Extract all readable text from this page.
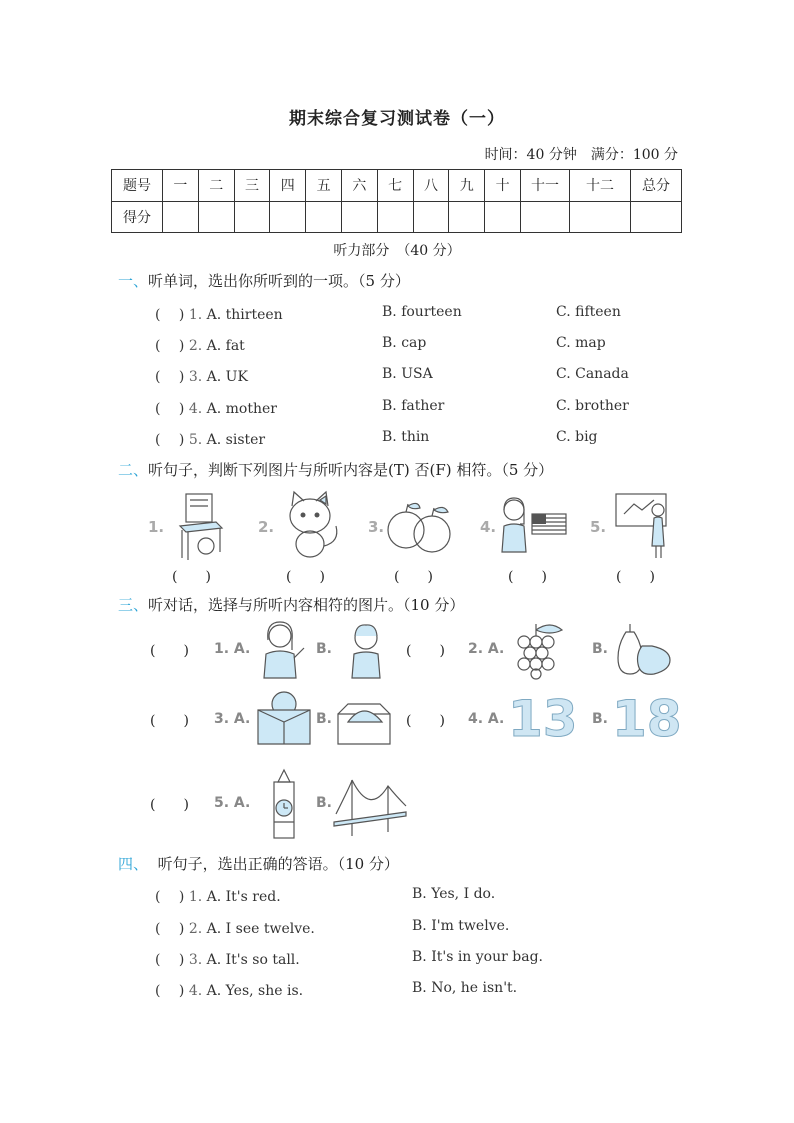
期末综合复习测试卷（一）
时间：40 分钟　满分：100 分
题号	一	二	三	四	五	六	七	八	九	十	十一	十二	总分
得分													
听力部分　（40 分）
一、听单词，选出你所听到的一项。（5 分）
(　 ) 1. A. thirteen	B. fourteen	C. fifteen
(　 ) 2. A. fat	B. cap	C. map
(　 ) 3. A. UK	B. USA	C. Canada
(　 ) 4. A. mother	B. father	C. brother
(　 ) 5. A. sister	B. thin	C. big
二、听句子，判断下列图片与所听内容是(T) 否(F) 相符。（5 分）
1.	2.	3.	4.	5.
(　　)	(　　)	(　　)	(　　)	(　　)
三、听对话，选择与所听内容相符的图片。（10 分）
(　　) 1. A.	B.	(　　) 2. A.	B.
(　　) 3. A.	B.	(　　) 4. A. 13 B. 18
(　　) 5. A.	B.
四、 听句子，选出正确的答语。（10 分）
(　 ) 1. A. It's red.	B. Yes, I do.
(　 ) 2. A. I see twelve.	B. I'm twelve.
(　 ) 3. A. It's so tall.	B. It's in your bag.
(　 ) 4. A. Yes, she is.	B. No, he isn't.
